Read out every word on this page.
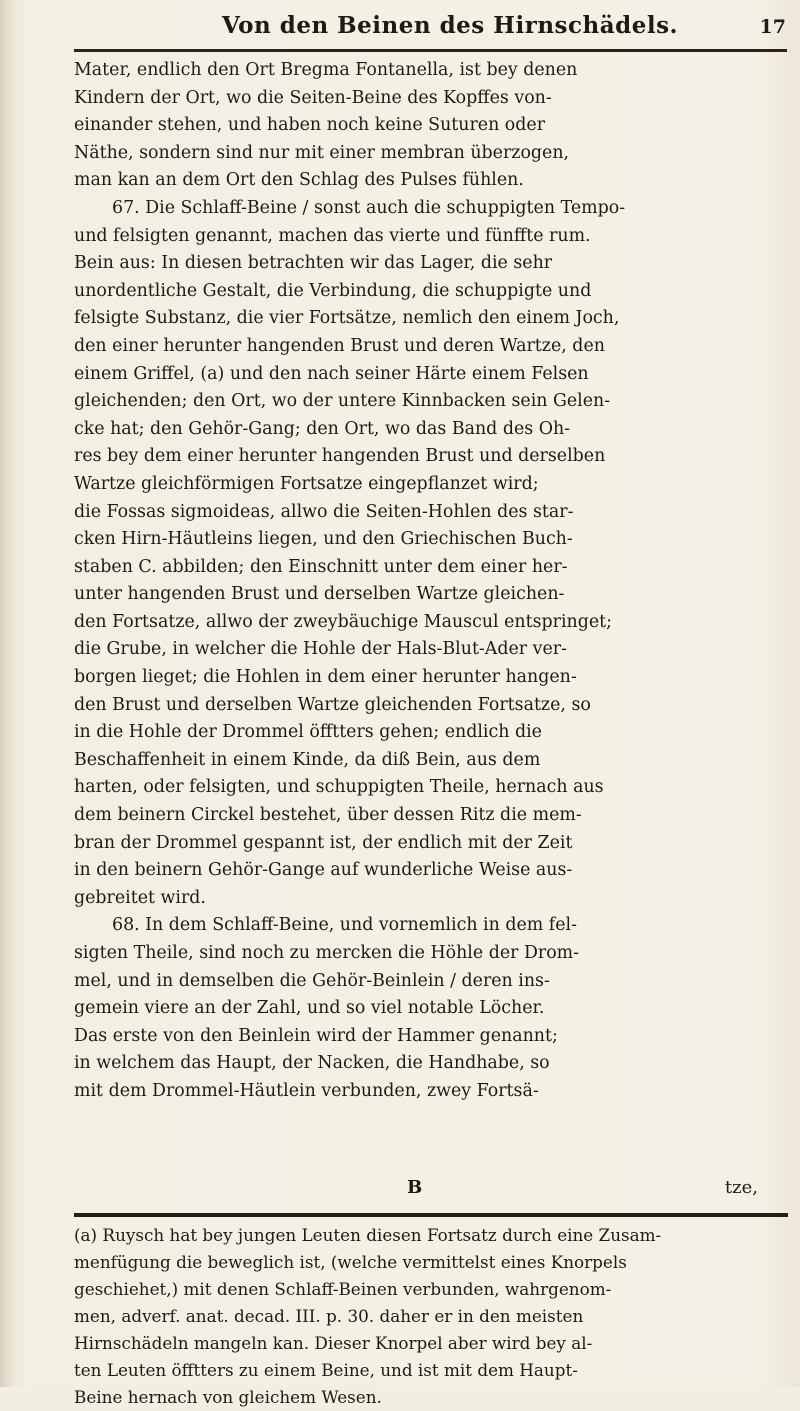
Von den Beinen des Hirnschädels.	17

Mater, endlich den Ort Bregma Fontanella, ist bey denen

Kindern der Ort, wo die Seiten-Beine des Kopffes von-

einander stehen, und haben noch keine Suturen oder

Näthe, sondern sind nur mit einer membran überzogen,

man kan an dem Ort den Schlag des Pulses fühlen.

67. Die Schlaff-Beine / sonst auch die schuppigten Tempo-

und felsigten genannt, machen das vierte und fünffte rum.

Bein aus: In diesen betrachten wir das Lager, die sehr

unordentliche Gestalt, die Verbindung, die schuppigte und

felsigte Substanz, die vier Fortsätze, nemlich den einem Joch,

den einer herunter hangenden Brust und deren Wartze, den

einem Griffel, (a) und den nach seiner Härte einem Felsen

gleichenden; den Ort, wo der untere Kinnbacken sein Gelen-

cke hat; den Gehör-Gang; den Ort, wo das Band des Oh-

res bey dem einer herunter hangenden Brust und derselben

Wartze gleichförmigen Fortsatze eingepflanzet wird;

die Fossas sigmoideas, allwo die Seiten-Hohlen des star-

cken Hirn-Häutleins liegen, und den Griechischen Buch-

staben C. abbilden; den Einschnitt unter dem einer her-

unter hangenden Brust und derselben Wartze gleichen-

den Fortsatze, allwo der zweybäuchige Mauscul entspringet;

die Grube, in welcher die Hohle der Hals-Blut-Ader ver-

borgen lieget; die Hohlen in dem einer herunter hangen-

den Brust und derselben Wartze gleichenden Fortsatze, so

in die Hohle der Drommel öfftters gehen; endlich die

Beschaffenheit in einem Kinde, da diß Bein, aus dem

harten, oder felsigten, und schuppigten Theile, hernach aus

dem beinern Circkel bestehet, über dessen Ritz die mem-

bran der Drommel gespannt ist, der endlich mit der Zeit

in den beinern Gehör-Gange auf wunderliche Weise aus-

gebreitet wird.

68. In dem Schlaff-Beine, und vornemlich in dem fel-

sigten Theile, sind noch zu mercken die Höhle der Drom-

mel, und in demselben die Gehör-Beinlein / deren ins-

gemein viere an der Zahl, und so viel notable Löcher.

Das erste von den Beinlein wird der Hammer genannt;

in welchem das Haupt, der Nacken, die Handhabe, so

mit dem Drommel-Häutlein verbunden, zwey Fortsä-

B	tze,

(a) Ruysch hat bey jungen Leuten diesen Fortsatz durch eine Zusam-

menfügung die beweglich ist, (welche vermittelst eines Knorpels

geschiehet,) mit denen Schlaff-Beinen verbunden, wahrgenom-

men, adverf. anat. decad. III. p. 30. daher er in den meisten

Hirnschädeln mangeln kan. Dieser Knorpel aber wird bey al-

ten Leuten öfftters zu einem Beine, und ist mit dem Haupt-

Beine hernach von gleichem Wesen.
